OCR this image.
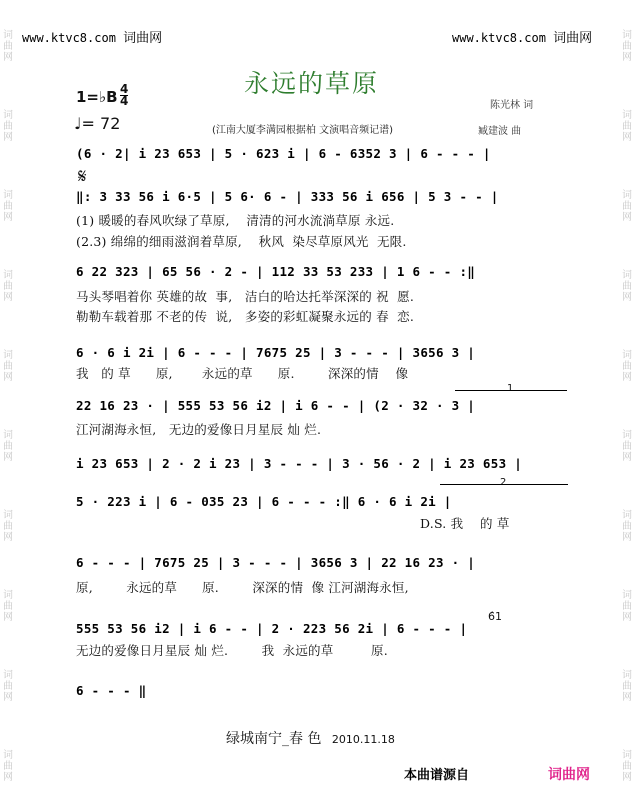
词
曲
网
词
曲
网
词
曲
网
词
曲
网
词
曲
网
词
曲
网
词
曲
网
词
曲
网
词
曲
网
词
曲
网
词
曲
网
词
曲
网
词
曲
网
词
曲
网
词
曲
网
词
曲
网
词
曲
网
词
曲
网
词
曲
网
词
曲
网
www.ktvc8.com 词曲网	www.ktvc8.com 词曲网
永远的草原
1=♭B 4
4
♩= 72
陈光林 词
臧建波 曲
(江南大厦李满园根据柏 文演唱音频记谱)
𝄋
(6 · 2| i 23 653 | 5 · 623 i | 6 - 6352 3 | 6 - - - |
‖: 3 33 56 i 6·5 | 5 6· 6 - | 333 56 i 656 | 5 3 - - |
(1) 暖暖的春风吹绿了草原,    清清的河水流淌草原 永远.
(2.3) 绵绵的细雨滋润着草原,    秋风  染尽草原风光  无限.
6 22 323 | 65 56 · 2 - | 112 33 53 233 | 1 6 - - :‖
马头琴唱着你 英雄的故  事,   洁白的哈达托举深深的 祝  愿.
勒勒车载着那 不老的传  说,   多姿的彩虹凝聚永远的 春  恋.
6 · 6 i 2i | 6 - - - | 7675 25 | 3 - - - | 3656 3 |
我   的 草      原,       永远的草      原.        深深的情    像
1
22 16 23 · | 555 53 56 i2 | i 6 - - | (2 · 32 · 3 |
江河湖海永恒,   无边的爱像日月星辰 灿 烂.
i 23 653 | 2 · 2 i 23 | 3 - - - | 3 · 56 · 2 | i 23 653 |
2
5 · 223 i | 6 - 035 23 | 6 - - - :‖ 6 · 6 i 2i |
D.S. 我    的 草
6 - - - | 7675 25 | 3 - - - | 3656 3 | 22 16 23 · |
原,        永远的草      原.        深深的情  像 江河湖海永恒,
6̂1
555 53 56 i2 | i 6 - - | 2 · 223 56 2i | 6 - - - |
无边的爱像日月星辰 灿 烂.        我  永远的草         原.
6 - - - ‖
绿城南宁_春 色 2010.11.18
本曲谱源自	词曲网
